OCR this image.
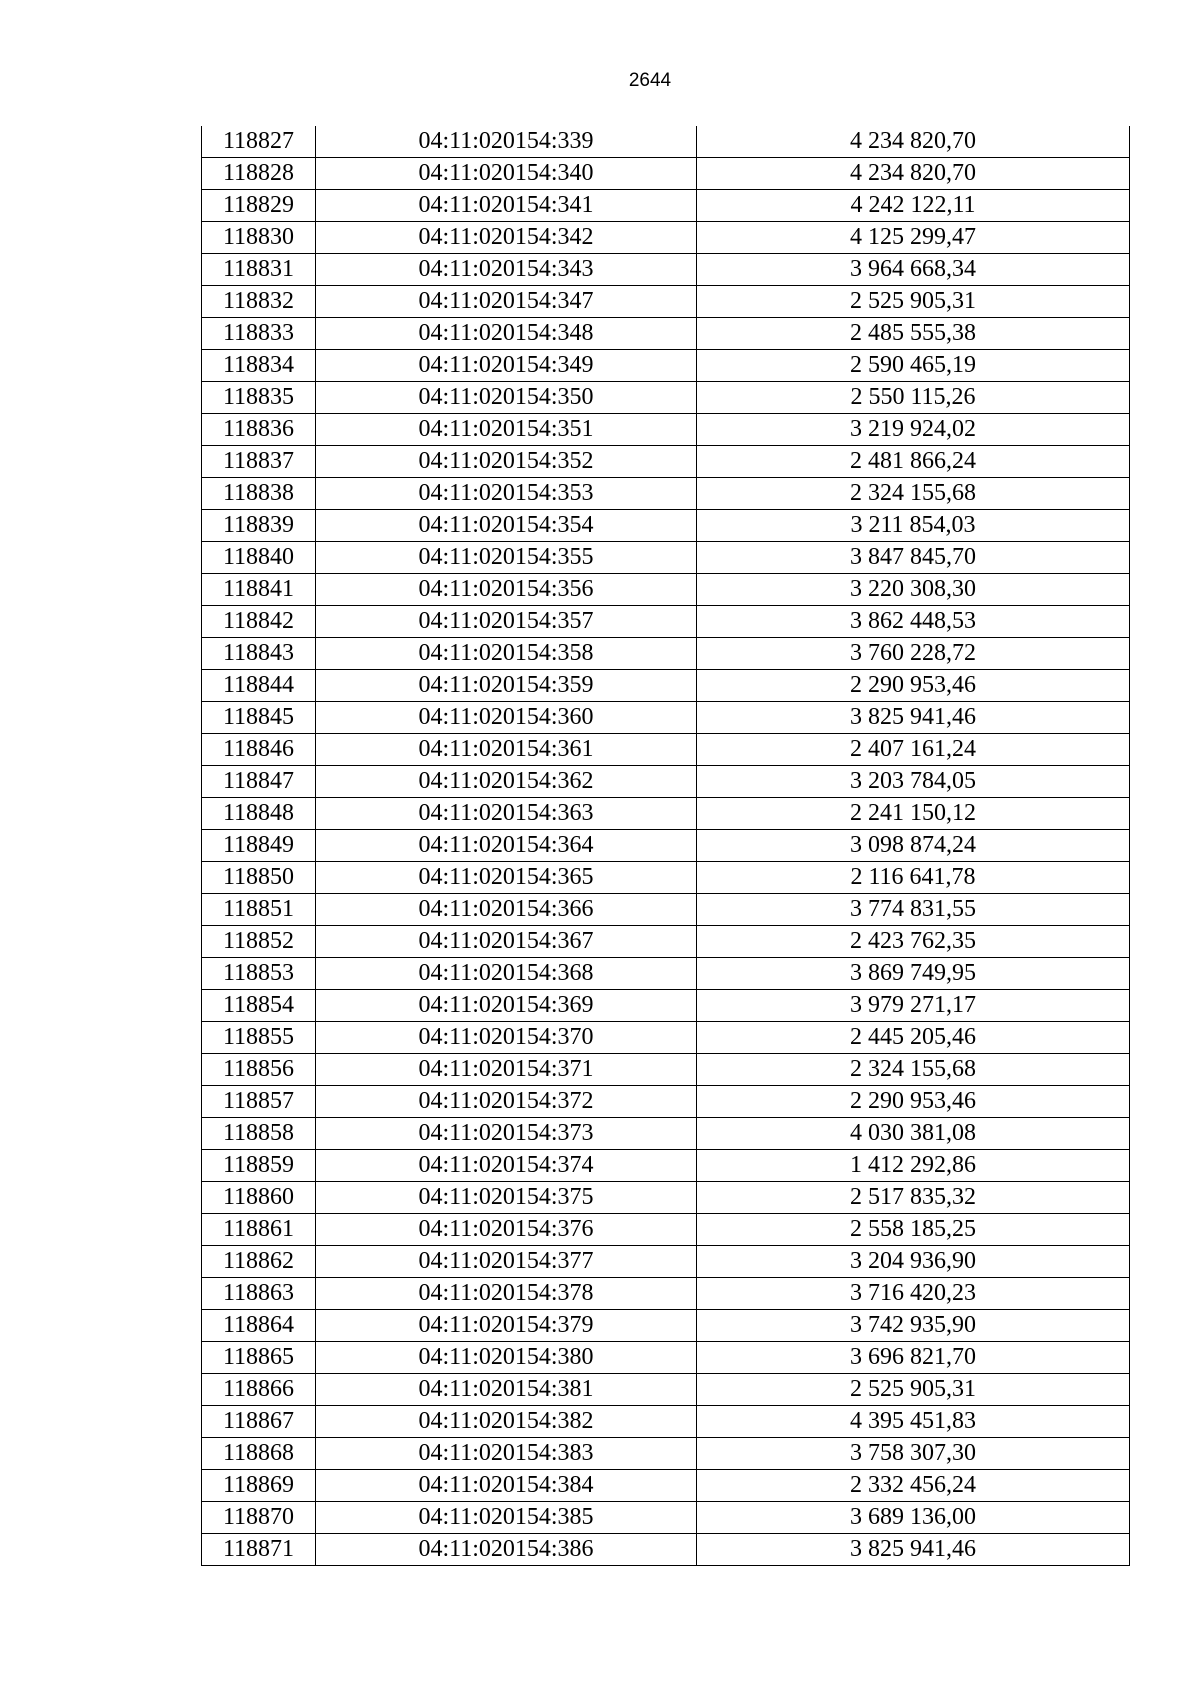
2644
118827	04:11:020154:339	4 234 820,70
118828	04:11:020154:340	4 234 820,70
118829	04:11:020154:341	4 242 122,11
118830	04:11:020154:342	4 125 299,47
118831	04:11:020154:343	3 964 668,34
118832	04:11:020154:347	2 525 905,31
118833	04:11:020154:348	2 485 555,38
118834	04:11:020154:349	2 590 465,19
118835	04:11:020154:350	2 550 115,26
118836	04:11:020154:351	3 219 924,02
118837	04:11:020154:352	2 481 866,24
118838	04:11:020154:353	2 324 155,68
118839	04:11:020154:354	3 211 854,03
118840	04:11:020154:355	3 847 845,70
118841	04:11:020154:356	3 220 308,30
118842	04:11:020154:357	3 862 448,53
118843	04:11:020154:358	3 760 228,72
118844	04:11:020154:359	2 290 953,46
118845	04:11:020154:360	3 825 941,46
118846	04:11:020154:361	2 407 161,24
118847	04:11:020154:362	3 203 784,05
118848	04:11:020154:363	2 241 150,12
118849	04:11:020154:364	3 098 874,24
118850	04:11:020154:365	2 116 641,78
118851	04:11:020154:366	3 774 831,55
118852	04:11:020154:367	2 423 762,35
118853	04:11:020154:368	3 869 749,95
118854	04:11:020154:369	3 979 271,17
118855	04:11:020154:370	2 445 205,46
118856	04:11:020154:371	2 324 155,68
118857	04:11:020154:372	2 290 953,46
118858	04:11:020154:373	4 030 381,08
118859	04:11:020154:374	1 412 292,86
118860	04:11:020154:375	2 517 835,32
118861	04:11:020154:376	2 558 185,25
118862	04:11:020154:377	3 204 936,90
118863	04:11:020154:378	3 716 420,23
118864	04:11:020154:379	3 742 935,90
118865	04:11:020154:380	3 696 821,70
118866	04:11:020154:381	2 525 905,31
118867	04:11:020154:382	4 395 451,83
118868	04:11:020154:383	3 758 307,30
118869	04:11:020154:384	2 332 456,24
118870	04:11:020154:385	3 689 136,00
118871	04:11:020154:386	3 825 941,46
